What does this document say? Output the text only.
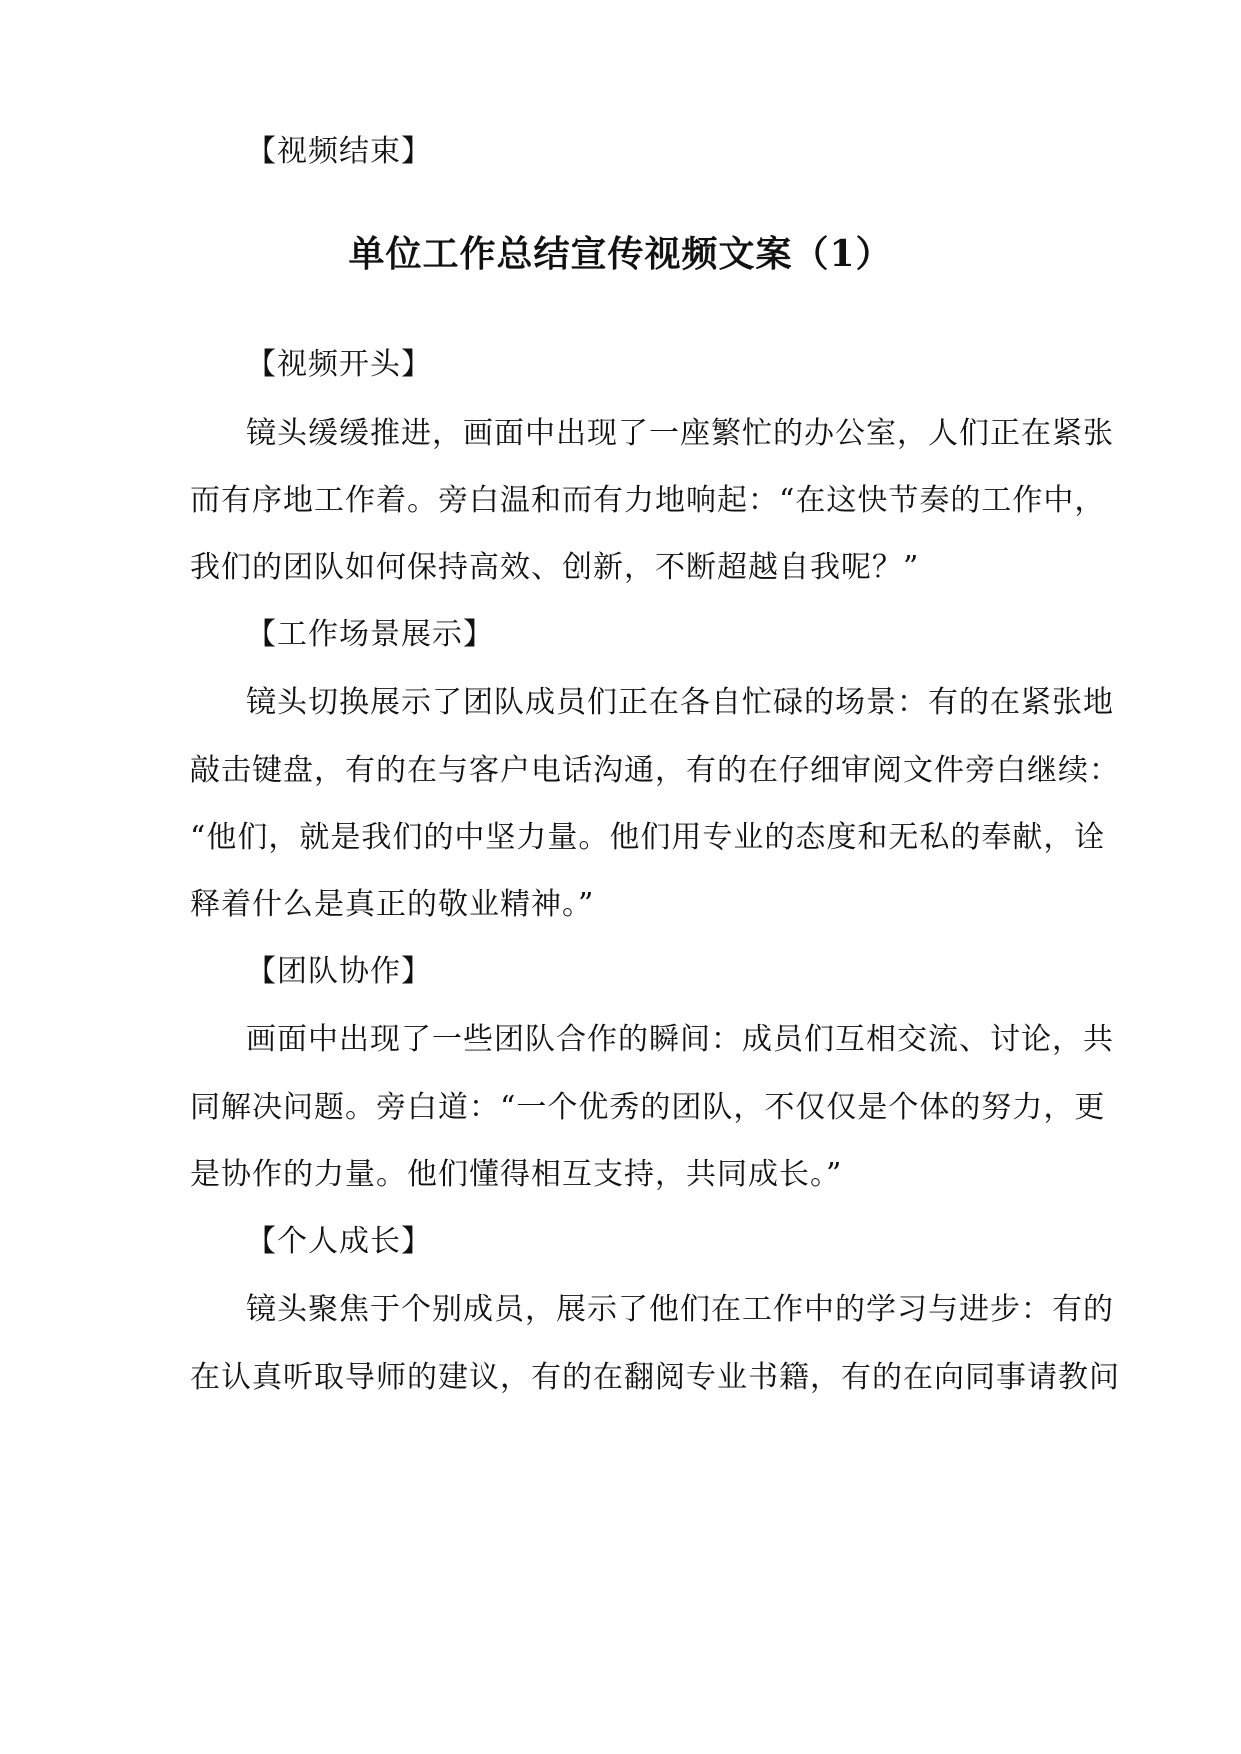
【视频结束】
单位工作总结宣传视频文案（1）
【视频开头】
镜头缓缓推进，画面中出现了一座繁忙的办公室，人们正在紧张
而有序地工作着。旁白温和而有力地响起：“在这快节奏的工作中，
我们的团队如何保持高效、创新，不断超越自我呢？”
【工作场景展示】
镜头切换展示了团队成员们正在各自忙碌的场景：有的在紧张地
敲击键盘，有的在与客户电话沟通，有的在仔细审阅文件旁白继续：
“他们，就是我们的中坚力量。他们用专业的态度和无私的奉献，诠
释着什么是真正的敬业精神。”
【团队协作】
画面中出现了一些团队合作的瞬间：成员们互相交流、讨论，共
同解决问题。旁白道：“一个优秀的团队，不仅仅是个体的努力，更
是协作的力量。他们懂得相互支持，共同成长。”
【个人成长】
镜头聚焦于个别成员，展示了他们在工作中的学习与进步：有的
在认真听取导师的建议，有的在翻阅专业书籍，有的在向同事请教问
